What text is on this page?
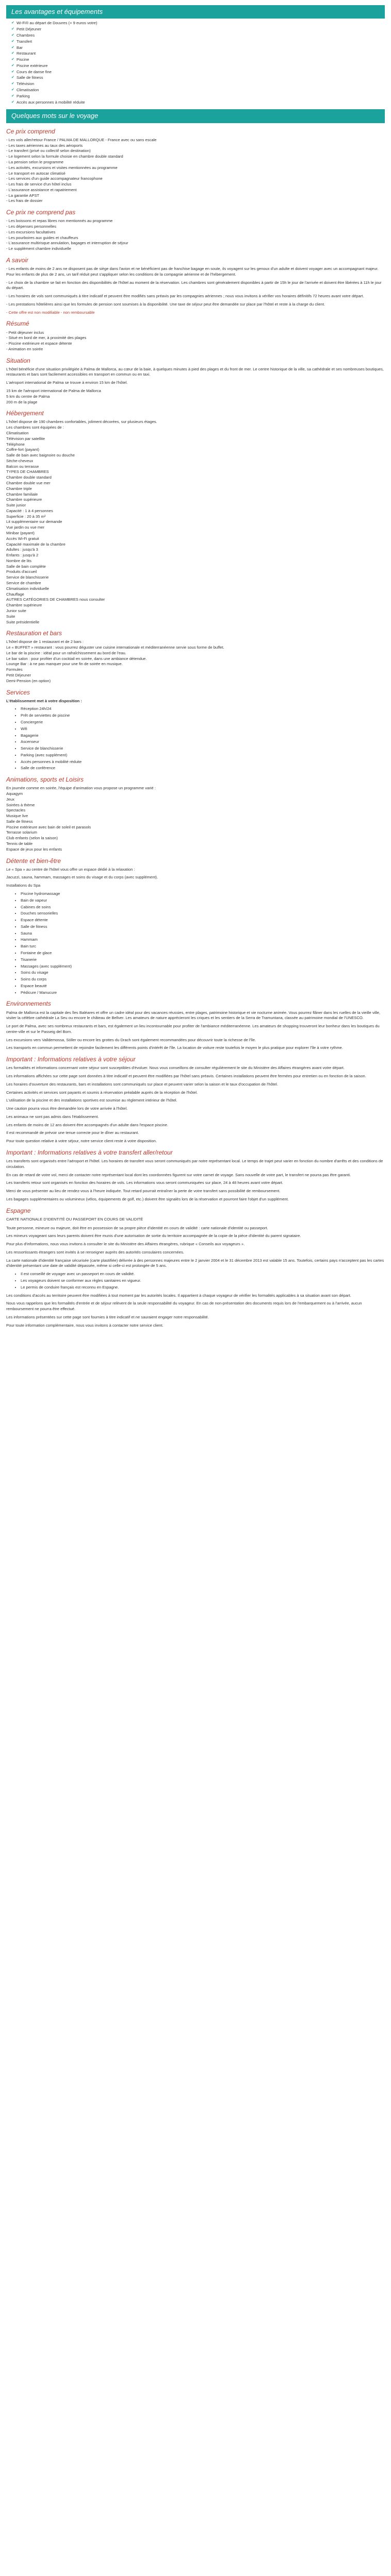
Les avantages et équipements
✔ Wi-Fi® au départ de Douvres (+ 9 euros votre)
✔ Petit Déjeuner
✔ Chambres
✔ Transfert
✔ Bar
✔ Restaurant
✔ Piscine
✔ Piscine extérieure
✔ Cours de danse fine
✔ Salle de fitness
✔ Télévision
✔ Climatisation
✔ Parking
✔ Accès aux personnes à mobilité réduite
Quelques mots sur le voyage
Ce prix comprend
- Les vols aller/retour France / PALMA DE MALLORQUE - France avec ou sans escale
- Les taxes aériennes au taux des aéroports
- Le transfert (privé ou collectif selon destination)
- Le logement selon la formule choisie en chambre double standard
- La pension selon le programme
- Les activités, excursions et visites mentionnées au programme
- Le transport en autocar climatisé
- Les services d'un guide accompagnateur francophone
- Les frais de service d'un hôtel inclus
- L'assurance assistance et rapatriement
- La garantie APST
- Les frais de dossier
Ce prix ne comprend pas
- Les boissons et repas libres non mentionnés au programme
- Les dépenses personnelles
- Les excursions facultatives
- Les pourboires aux guides et chauffeurs
- L'assurance multirisque annulation, bagages et interruption de séjour
- Le supplément chambre individuelle
A savoir

- Les enfants de moins de 2 ans ne disposent pas de siège dans l'avion et ne bénéficient pas de franchise bagage en soute, ils voyagent sur les genoux d'un adulte et doivent voyager avec un accompagnant majeur. Pour les enfants de plus de 2 ans, un tarif réduit peut s'appliquer selon les conditions de la compagnie aérienne et de l'hébergement.

- Le choix de la chambre se fait en fonction des disponibilités de l'hôtel au moment de la réservation. Les chambres sont généralement disponibles à partir de 15h le jour de l'arrivée et doivent être libérées à 11h le jour du départ.

- Les horaires de vols sont communiqués à titre indicatif et peuvent être modifiés sans préavis par les compagnies aériennes ; nous vous invitons à vérifier vos horaires définitifs 72 heures avant votre départ.

- Les prestations hôtelières ainsi que les formules de pension sont soumises à la disponibilité. Une taxe de séjour peut être demandée sur place par l'hôtel et reste à la charge du client.

- Cette offre est non modifiable - non remboursable

Résumé

- Petit déjeuner inclus

- Situé en bord de mer, à proximité des plages

- Piscine extérieure et espace détente

- Animation en soirée

Situation

L'hôtel bénéficie d'une situation privilégiée à Palma de Mallorca, au cœur de la baie, à quelques minutes à pied des plages et du front de mer. Le centre historique de la ville, sa cathédrale et ses nombreuses boutiques, restaurants et bars sont facilement accessibles en transport en commun ou en taxi.

L'aéroport international de Palma se trouve à environ 15 km de l'hôtel.

15 km de l'aéroport international de Palma de Mallorca

5 km du centre de Palma

200 m de la plage

Hébergement

L'hôtel dispose de 190 chambres confortables, joliment décorées, sur plusieurs étages.

Les chambres sont équipées de :

Climatisation

Télévision par satellite

Téléphone

Coffre-fort (payant)

Salle de bain avec baignoire ou douche

Sèche-cheveux

Balcon ou terrasse

TYPES DE CHAMBRES

Chambre double standard

Chambre double vue mer

Chambre triple

Chambre familiale

Chambre supérieure

Suite junior

Capacité : 1 à 4 personnes

Superficie : 20 à 35 m²

Lit supplémentaire sur demande

Vue jardin ou vue mer

Minibar (payant)

Accès Wi-Fi gratuit

Capacité maximale de la chambre

Adultes : jusqu'à 3

Enfants : jusqu'à 2

Nombre de lits

Salle de bain complète

Produits d'accueil

Service de blanchisserie

Service de chambre

Climatisation individuelle

Chauffage

AUTRES CATÉGORIES DE CHAMBRES nous consulter

Chambre supérieure

Junior suite

Suite

Suite présidentielle

Restauration et bars

L'hôtel dispose de 1 restaurant et de 2 bars :

Le « BUFFET » restaurant : vous pourrez déguster une cuisine internationale et méditerranéenne servie sous forme de buffet.

Le bar de la piscine : idéal pour un rafraîchissement au bord de l'eau.

Le bar salon : pour profiter d'un cocktail en soirée, dans une ambiance détendue.

Lounge Bar : à ne pas manquer pour une fin de soirée en musique.

Formules

Petit Déjeuner

Demi-Pension (en option)

Services

L'établissement met à votre disposition :

• Réception 24h/24
• Prêt de serviettes de piscine
• Conciergerie
• Wifi
• Bagagerie
• Ascenseur
• Service de blanchisserie
• Parking (avec supplément)
• Accès personnes à mobilité réduite
• Salle de conférence
Animations, sports et Loisirs

En journée comme en soirée, l'équipe d'animation vous propose un programme varié :

Aquagym

Jeux

Soirées à thème

Spectacles

Musique live

Salle de fitness

Piscine extérieure avec bain de soleil et parasols

Terrasse solarium

Club enfants (selon la saison)

Tennis de table

Espace de jeux pour les enfants

Détente et bien-être

Le « Spa » au centre de l'hôtel vous offre un espace dédié à la relaxation :

Jacuzzi, sauna, hammam, massages et soins du visage et du corps (avec supplément).

Installations du Spa

• Piscine hydromassage
• Bain de vapeur
• Cabines de soins
• Douches sensorielles
• Espace détente
• Salle de fitness
• Sauna
• Hammam
• Bain turc
• Fontaine de glace
• Tisanerie
• Massages (avec supplément)
• Soins du visage
• Soins du corps
• Espace beauté
• Pédicure / Manucure
Environnements

Palma de Mallorca est la capitale des îles Baléares et offre un cadre idéal pour des vacances réussies, entre plages, patrimoine historique et vie nocturne animée. Vous pourrez flâner dans les ruelles de la vieille ville, visiter la célèbre cathédrale La Seu ou encore le château de Bellver. Les amateurs de nature apprécieront les criques et les sentiers de la Serra de Tramuntana, classée au patrimoine mondial de l'UNESCO.

Le port de Palma, avec ses nombreux restaurants et bars, est également un lieu incontournable pour profiter de l'ambiance méditerranéenne. Les amateurs de shopping trouveront leur bonheur dans les boutiques du centre-ville et sur le Passeig del Born.

Les excursions vers Valldemossa, Sóller ou encore les grottes du Drach sont également recommandées pour découvrir toute la richesse de l'île.

Les transports en commun permettent de rejoindre facilement les différents points d'intérêt de l'île. La location de voiture reste toutefois le moyen le plus pratique pour explorer l'île à votre rythme.

Important : Informations relatives à votre séjour

Les formalités et informations concernant votre séjour sont susceptibles d'évoluer. Nous vous conseillons de consulter régulièrement le site du Ministère des Affaires étrangères avant votre départ.

Les informations affichées sur cette page sont données à titre indicatif et peuvent être modifiées par l'hôtel sans préavis. Certaines installations peuvent être fermées pour entretien ou en fonction de la saison.

Les horaires d'ouverture des restaurants, bars et installations sont communiqués sur place et peuvent varier selon la saison et le taux d'occupation de l'hôtel.

Certaines activités et services sont payants et soumis à réservation préalable auprès de la réception de l'hôtel.

L'utilisation de la piscine et des installations sportives est soumise au règlement intérieur de l'hôtel.

Une caution pourra vous être demandée lors de votre arrivée à l'hôtel.

Les animaux ne sont pas admis dans l'établissement.

Les enfants de moins de 12 ans doivent être accompagnés d'un adulte dans l'espace piscine.

Il est recommandé de prévoir une tenue correcte pour le dîner au restaurant.

Pour toute question relative à votre séjour, notre service client reste à votre disposition.

Important : Informations relatives à votre transfert aller/retour

Les transferts sont organisés entre l'aéroport et l'hôtel. Les horaires de transfert vous seront communiqués par notre représentant local. Le temps de trajet peut varier en fonction du nombre d'arrêts et des conditions de circulation.

En cas de retard de votre vol, merci de contacter notre représentant local dont les coordonnées figurent sur votre carnet de voyage. Sans nouvelle de votre part, le transfert ne pourra pas être garanti.

Les transferts retour sont organisés en fonction des horaires de vols. Les informations vous seront communiquées sur place, 24 à 48 heures avant votre départ.

Merci de vous présenter au lieu de rendez-vous à l'heure indiquée. Tout retard pourrait entraîner la perte de votre transfert sans possibilité de remboursement.

Les bagages supplémentaires ou volumineux (vélos, équipements de golf, etc.) doivent être signalés lors de la réservation et pourront faire l'objet d'un supplément.

Espagne

CARTE NATIONALE D'IDENTITÉ OU PASSEPORT EN COURS DE VALIDITÉ

Toute personne, mineure ou majeure, doit être en possession de sa propre pièce d'identité en cours de validité : carte nationale d'identité ou passeport.

Les mineurs voyageant sans leurs parents doivent être munis d'une autorisation de sortie du territoire accompagnée de la copie de la pièce d'identité du parent signataire.

Pour plus d'informations, nous vous invitons à consulter le site du Ministère des Affaires étrangères, rubrique « Conseils aux voyageurs ».

Les ressortissants étrangers sont invités à se renseigner auprès des autorités consulaires concernées.

La carte nationale d'identité française sécurisée (carte plastifiée) délivrée à des personnes majeures entre le 2 janvier 2004 et le 31 décembre 2013 est valable 15 ans. Toutefois, certains pays n'acceptent pas les cartes d'identité présentant une date de validité dépassée, même si celle-ci est prolongée de 5 ans.

• Il est conseillé de voyager avec un passeport en cours de validité.
• Les voyageurs doivent se conformer aux règles sanitaires en vigueur.
• Le permis de conduire français est reconnu en Espagne.

Les conditions d'accès au territoire peuvent être modifiées à tout moment par les autorités locales. Il appartient à chaque voyageur de vérifier les formalités applicables à sa situation avant son départ.

Nous vous rappelons que les formalités d'entrée et de séjour relèvent de la seule responsabilité du voyageur. En cas de non-présentation des documents requis lors de l'embarquement ou à l'arrivée, aucun remboursement ne pourra être effectué.

Les informations présentées sur cette page sont fournies à titre indicatif et ne sauraient engager notre responsabilité.

Pour toute information complémentaire, nous vous invitons à contacter notre service client.
